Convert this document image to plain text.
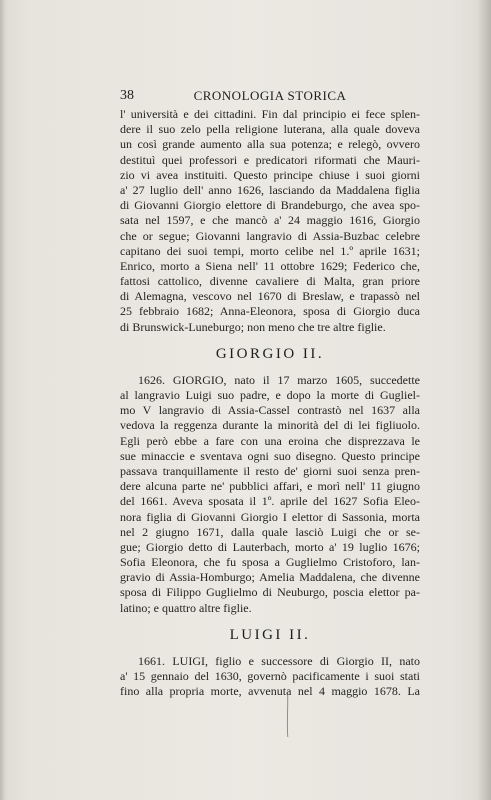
38	CRONOLOGIA STORICA
l' università e dei cittadini. Fin dal principio ei fece splen-
dere il suo zelo pella religione luterana, alla quale doveva
un così grande aumento alla sua potenza; e relegò, ovvero
destituì quei professori e predicatori riformati che Mauri-
zio vi avea instituiti. Questo principe chiuse i suoi giorni
a' 27 luglio dell' anno 1626, lasciando da Maddalena figlia
di Giovanni Giorgio elettore di Brandeburgo, che avea spo-
sata nel 1597, e che mancò a' 24 maggio 1616, Giorgio
che or segue; Giovanni langravio di Assia-Buzbac celebre
capitano dei suoi tempi, morto celibe nel 1.º aprile 1631;
Enrico, morto a Siena nell' 11 ottobre 1629; Federico che,
fattosi cattolico, divenne cavaliere di Malta, gran priore
di Alemagna, vescovo nel 1670 di Breslaw, e trapassò nel
25 febbraio 1682; Anna-Eleonora, sposa di Giorgio duca
di Brunswick-Luneburgo; non meno che tre altre figlie.
GIORGIO II.
1626. GIORGIO, nato il 17 marzo 1605, succedette
al langravio Luigi suo padre, e dopo la morte di Gugliel-
mo V langravio di Assia-Cassel contrastò nel 1637 alla
vedova la reggenza durante la minorità del di lei figliuolo.
Egli però ebbe a fare con una eroina che disprezzava le
sue minaccie e sventava ogni suo disegno. Questo principe
passava tranquillamente il resto de' giorni suoi senza pren-
dere alcuna parte ne' pubblici affari, e morì nell' 11 giugno
del 1661. Aveva sposata il 1º. aprile del 1627 Sofia Eleo-
nora figlia di Giovanni Giorgio I elettor di Sassonia, morta
nel 2 giugno 1671, dalla quale lasciò Luigi che or se-
gue; Giorgio detto di Lauterbach, morto a' 19 luglio 1676;
Sofia Eleonora, che fu sposa a Guglielmo Cristoforo, lan-
gravio di Assia-Homburgo; Amelia Maddalena, che divenne
sposa di Filippo Guglielmo di Neuburgo, poscia elettor pa-
latino; e quattro altre figlie.
LUIGI II.
1661. LUIGI, figlio e successore di Giorgio II, nato
a' 15 gennaio del 1630, governò pacificamente i suoi stati
fino alla propria morte, avvenuta nel 4 maggio 1678. La
